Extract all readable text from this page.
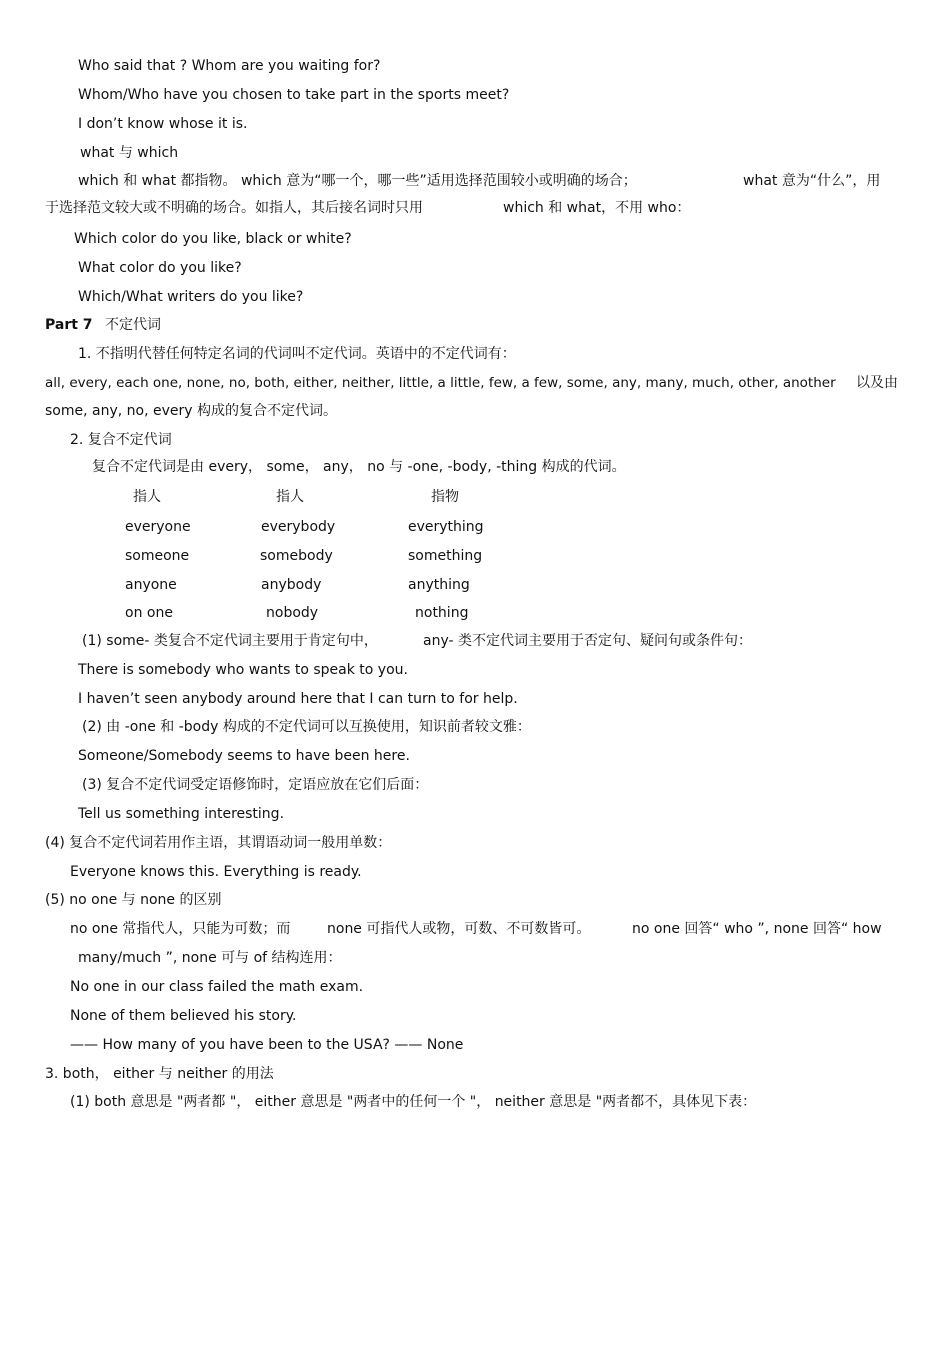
Who said that ? Whom are you waiting for?
Whom/Who have you chosen to take part in the sports meet?
I don’t know whose it is.
what 与 which
which 和 what 都指物。 which 意为“哪一个，哪一些”适用选择范围较小或明确的场合；	what 意为“什么”，用
于选择范文较大或不明确的场合。如指人，其后接名词时只用	which 和 what，不用 who：
Which color do you like, black or white?
What color do you like?
Which/What writers do you like?
Part 7 不定代词
1. 不指明代替任何特定名词的代词叫不定代词。英语中的不定代词有：
all, every, each one, none, no, both, either, neither, little, a little, few, a few, some, any, many, much, other, another 以及由
some, any, no, every 构成的复合不定代词。
2. 复合不定代词
复合不定代词是由 every， some， any， no 与 -one, -body, -thing 构成的代词。
指人	指人	指物
everyone	everybody	everything
someone	somebody	something
anyone	anybody	anything
on one	nobody	nothing
(1) some- 类复合不定代词主要用于肯定句中，	any- 类不定代词主要用于否定句、疑问句或条件句：
There is somebody who wants to speak to you.
I haven’t seen anybody around here that I can turn to for help.
(2) 由 -one 和 -body 构成的不定代词可以互换使用，知识前者较文雅：
Someone/Somebody seems to have been here.
(3) 复合不定代词受定语修饰时，定语应放在它们后面：
Tell us something interesting.
(4) 复合不定代词若用作主语，其谓语动词一般用单数：
Everyone knows this. Everything is ready.
(5) no one 与 none 的区别
no one 常指代人，只能为可数；而	none 可指代人或物，可数、不可数皆可。	no one 回答“ who ”, none 回答“ how
many/much ”, none 可与 of 结构连用：
No one in our class failed the math exam.
None of them believed his story.
—— How many of you have been to the USA? —— None
3. both， either 与 neither 的用法
(1) both 意思是 "两者都 "， either 意思是 "两者中的任何一个 "， neither 意思是 "两者都不，具体见下表：
